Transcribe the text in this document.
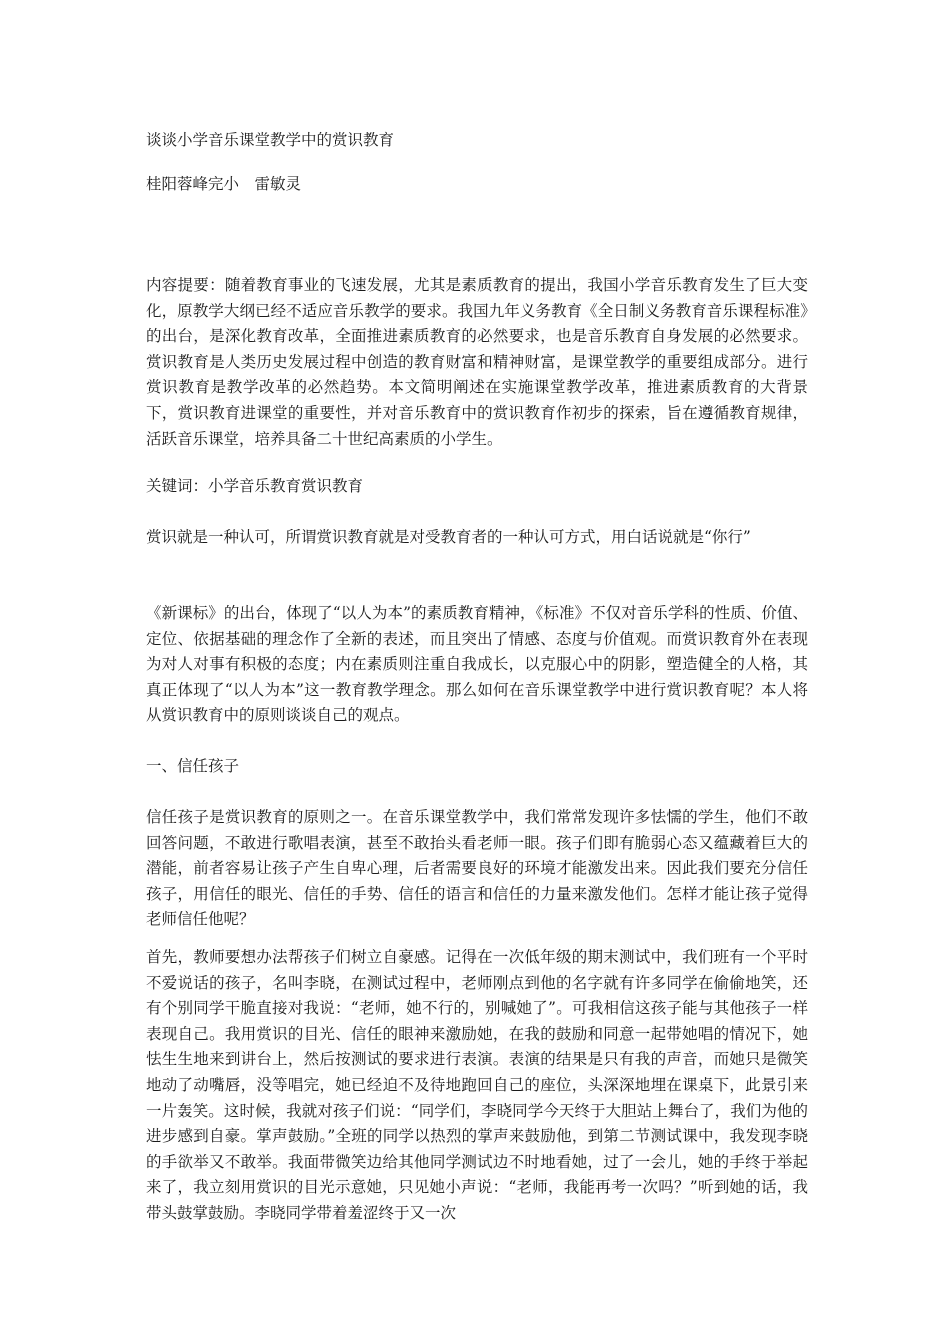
谈谈小学音乐课堂教学中的赏识教育

桂阳蓉峰完小　雷敏灵

内容提要：随着教育事业的飞速发展，尤其是素质教育的提出，我国小学音乐教育发生了巨大变化，原教学大纲已经不适应音乐教学的要求。我国九年义务教育《全日制义务教育音乐课程标准》的出台，是深化教育改革，全面推进素质教育的必然要求，也是音乐教育自身发展的必然要求。赏识教育是人类历史发展过程中创造的教育财富和精神财富，是课堂教学的重要组成部分。进行赏识教育是教学改革的必然趋势。本文简明阐述在实施课堂教学改革，推进素质教育的大背景下，赏识教育进课堂的重要性，并对音乐教育中的赏识教育作初步的探索，旨在遵循教育规律，活跃音乐课堂，培养具备二十世纪高素质的小学生。

关键词：小学音乐教育赏识教育

赏识就是一种认可，所谓赏识教育就是对受教育者的一种认可方式，用白话说就是“你行”

《新课标》的出台，体现了“以人为本”的素质教育精神，《标准》不仅对音乐学科的性质、价值、定位、依据基础的理念作了全新的表述，而且突出了情感、态度与价值观。而赏识教育外在表现为对人对事有积极的态度；内在素质则注重自我成长，以克服心中的阴影，塑造健全的人格，其真正体现了“以人为本”这一教育教学理念。那么如何在音乐课堂教学中进行赏识教育呢？本人将从赏识教育中的原则谈谈自己的观点。

一、信任孩子

信任孩子是赏识教育的原则之一。在音乐课堂教学中，我们常常发现许多怯懦的学生，他们不敢回答问题，不敢进行歌唱表演，甚至不敢抬头看老师一眼。孩子们即有脆弱心态又蕴藏着巨大的潜能，前者容易让孩子产生自卑心理，后者需要良好的环境才能激发出来。因此我们要充分信任孩子，用信任的眼光、信任的手势、信任的语言和信任的力量来激发他们。怎样才能让孩子觉得老师信任他呢？

首先，教师要想办法帮孩子们树立自豪感。记得在一次低年级的期末测试中，我们班有一个平时不爱说话的孩子，名叫李晓，在测试过程中，老师刚点到他的名字就有许多同学在偷偷地笑，还有个别同学干脆直接对我说：“老师，她不行的，别喊她了”。可我相信这孩子能与其他孩子一样表现自己。我用赏识的目光、信任的眼神来激励她，在我的鼓励和同意一起带她唱的情况下，她怯生生地来到讲台上，然后按测试的要求进行表演。表演的结果是只有我的声音，而她只是微笑地动了动嘴唇，没等唱完，她已经迫不及待地跑回自己的座位，头深深地埋在课桌下，此景引来一片轰笑。这时候，我就对孩子们说：“同学们，李晓同学今天终于大胆站上舞台了，我们为他的进步感到自豪。掌声鼓励。”全班的同学以热烈的掌声来鼓励他，到第二节测试课中，我发现李晓的手欲举又不敢举。我面带微笑边给其他同学测试边不时地看她，过了一会儿，她的手终于举起来了，我立刻用赏识的目光示意她，只见她小声说：“老师，我能再考一次吗？”听到她的话，我带头鼓掌鼓励。李晓同学带着羞涩终于又一次
